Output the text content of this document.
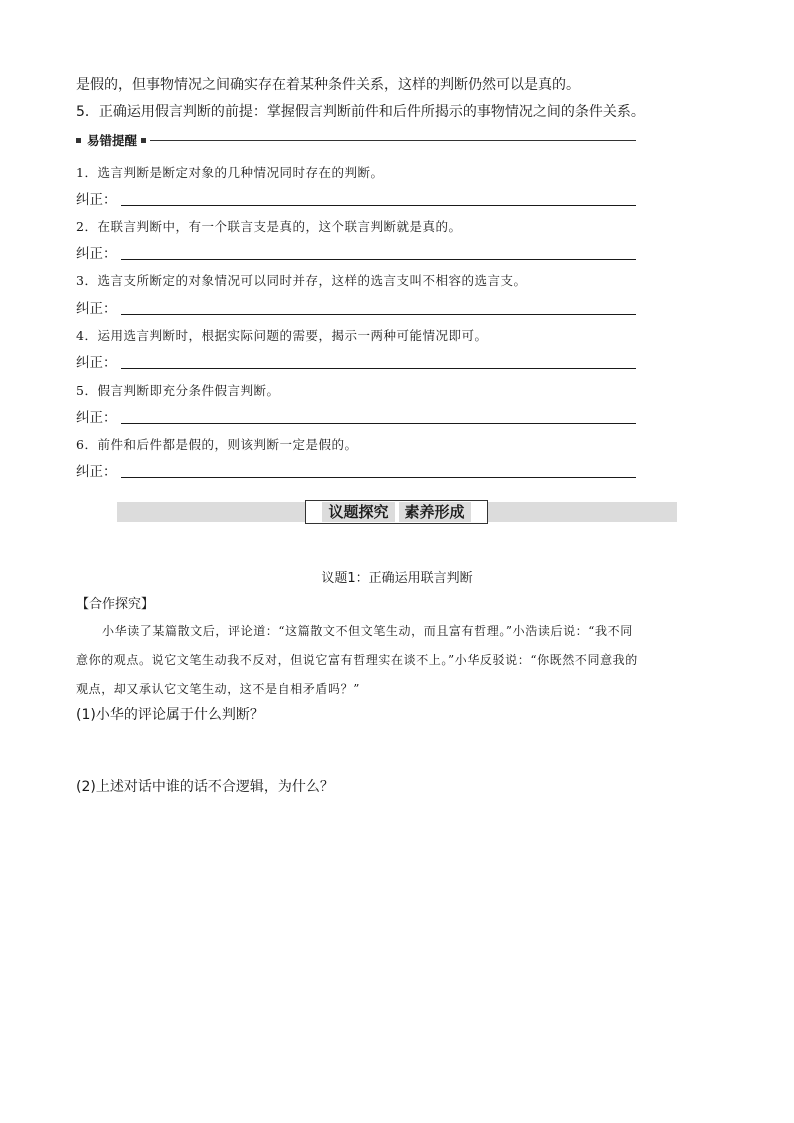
是假的，但事物情况之间确实存在着某种条件关系，这样的判断仍然可以是真的。
5．正确运用假言判断的前提：掌握假言判断前件和后件所揭示的事物情况之间的条件关系。
易错提醒
1．选言判断是断定对象的几种情况同时存在的判断。
纠正：
2．在联言判断中，有一个联言支是真的，这个联言判断就是真的。
纠正：
3．选言支所断定的对象情况可以同时并存，这样的选言支叫不相容的选言支。
纠正：
4．运用选言判断时，根据实际问题的需要，揭示一两种可能情况即可。
纠正：
5．假言判断即充分条件假言判断。
纠正：
6．前件和后件都是假的，则该判断一定是假的。
纠正：
议题探究	素养形成
议题1：正确运用联言判断
【合作探究】
小华读了某篇散文后，评论道：“这篇散文不但文笔生动，而且富有哲理。”小浩读后说：“我不同
意你的观点。说它文笔生动我不反对，但说它富有哲理实在谈不上。”小华反驳说：“你既然不同意我的
观点，却又承认它文笔生动，这不是自相矛盾吗？”
(1)小华的评论属于什么判断？
(2)上述对话中谁的话不合逻辑，为什么？
